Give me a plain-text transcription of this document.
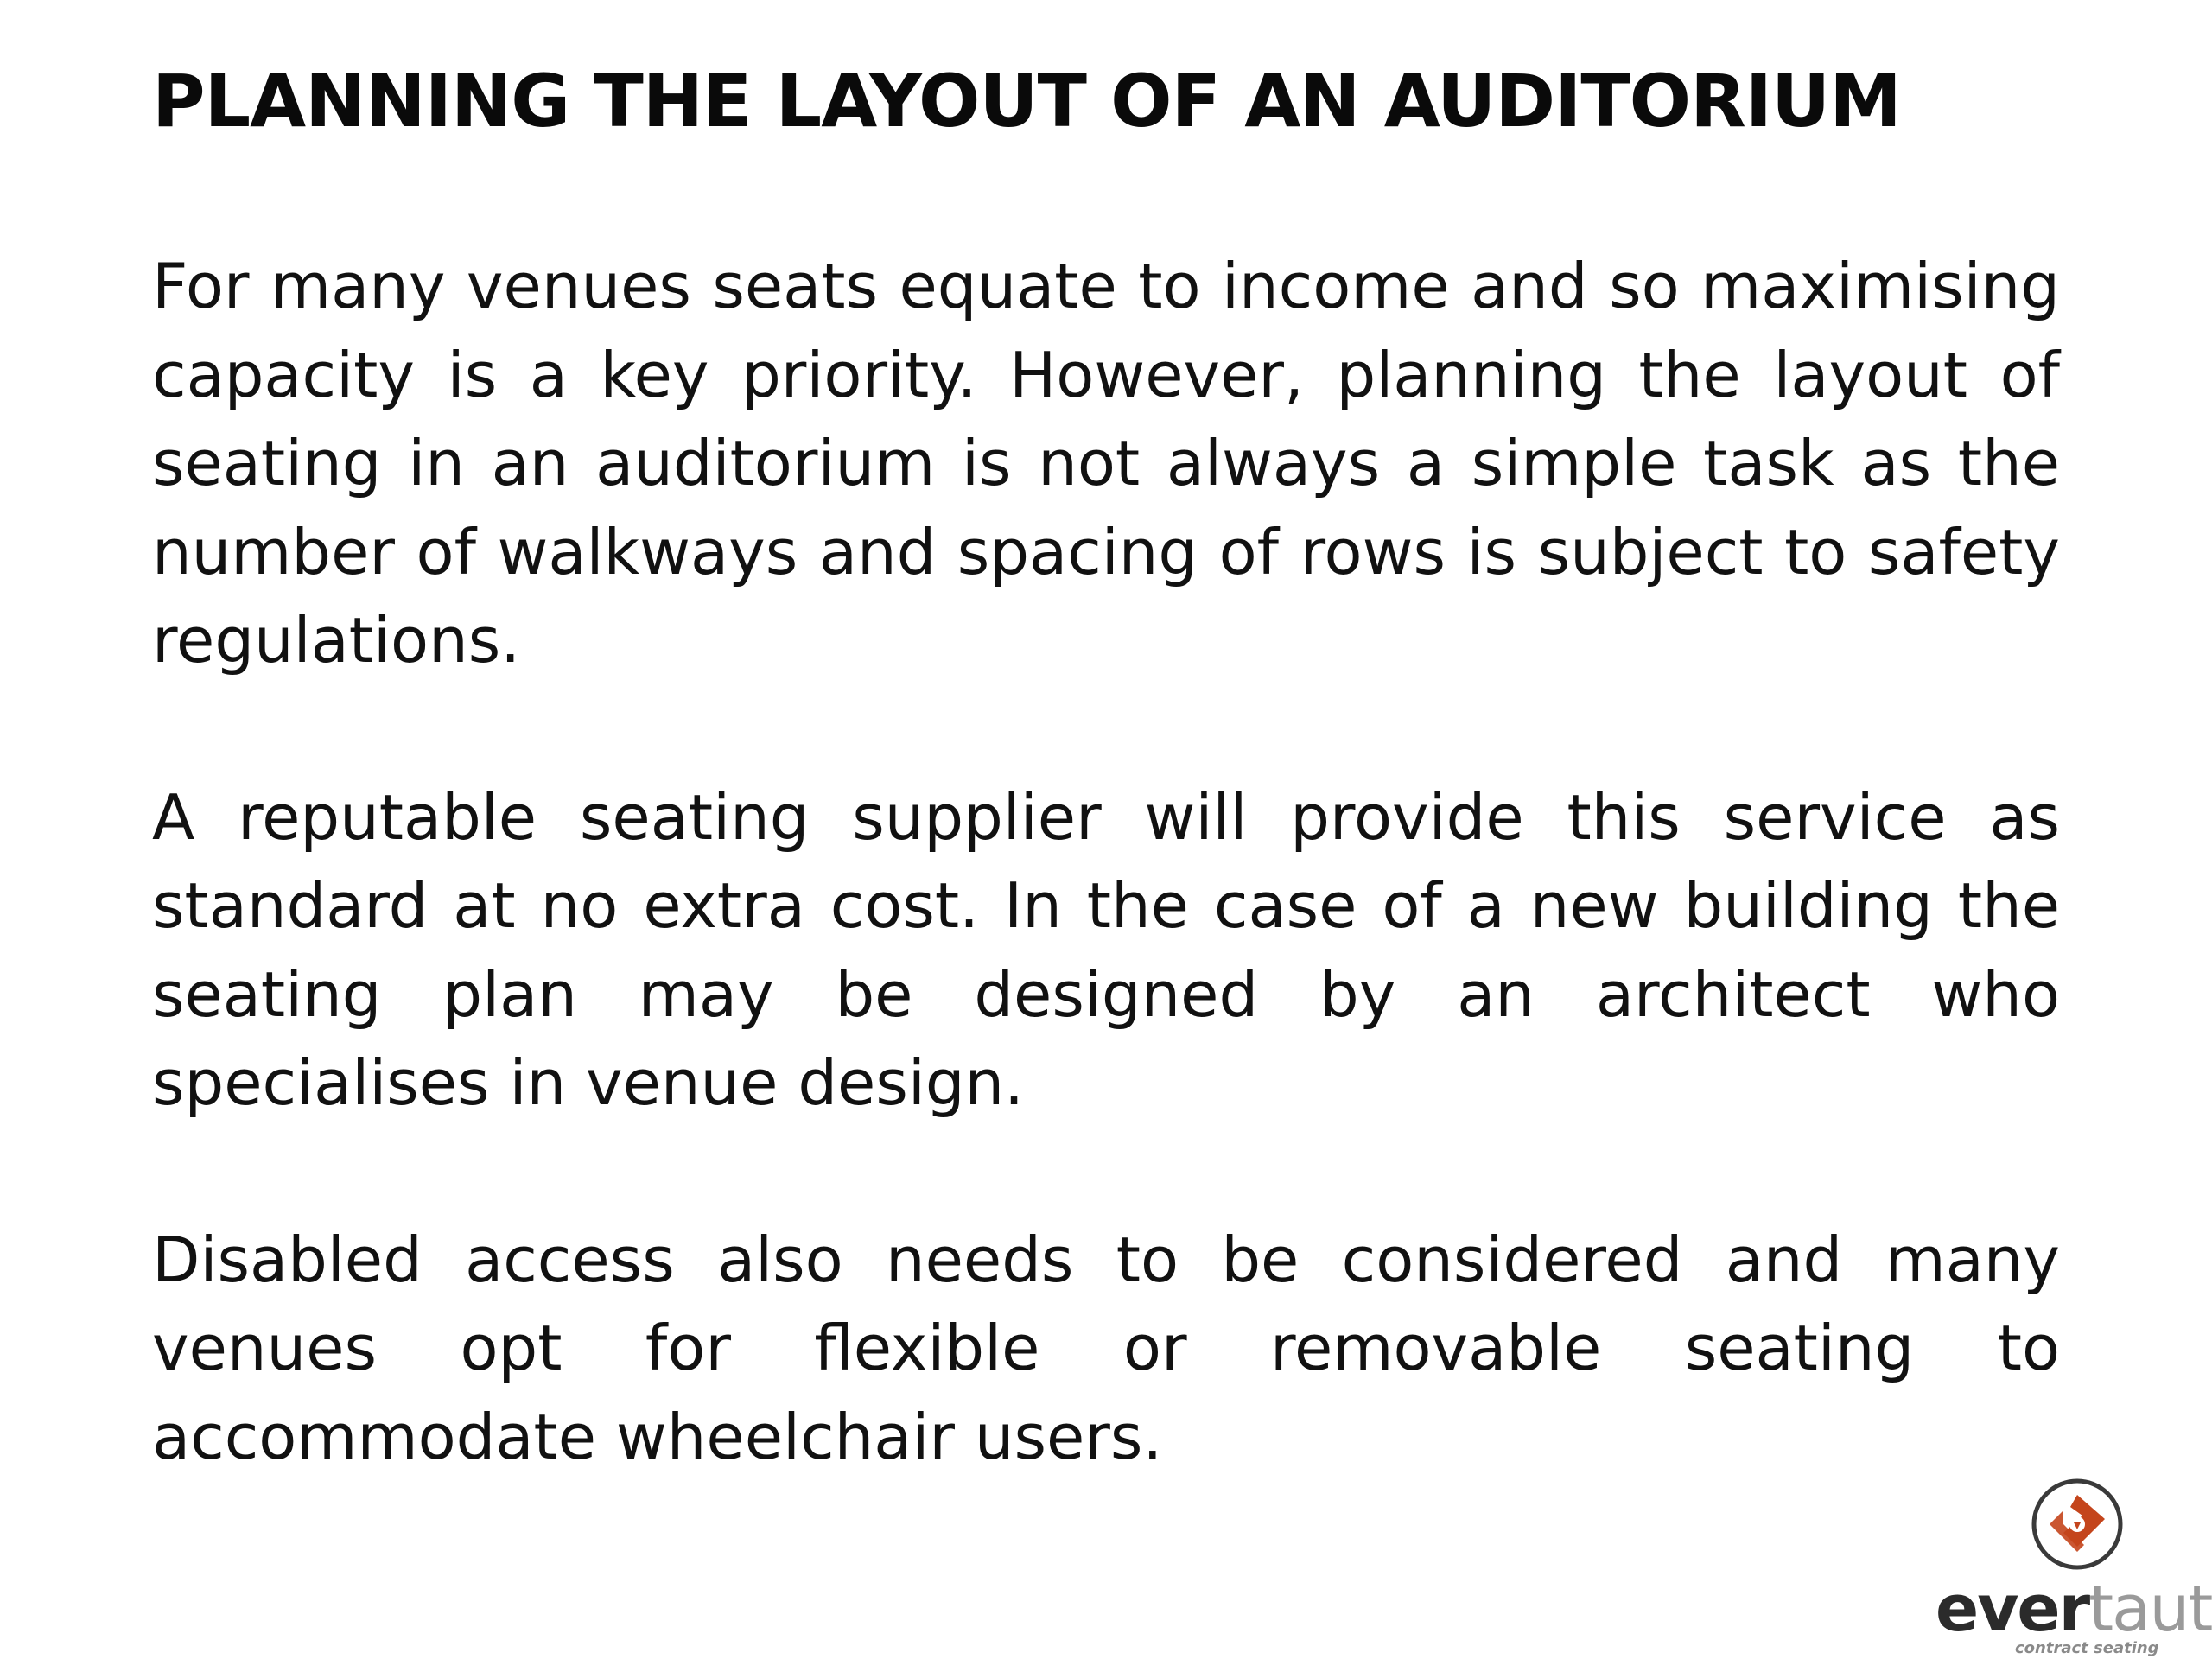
PLANNING THE LAYOUT OF AN AUDITORIUM

For many venues seats equate to income and so maximising capacity is a key priority. However, planning the layout of seating in an auditorium is not always a simple task as the number of walkways and spacing of rows is subject to safety regulations.

A reputable seating supplier will provide this service as standard at no extra cost. In the case of a new building the seating plan may be designed by an architect who specialises in venue design.

Disabled access also needs to be considered and many venues opt for flexible or removable seating to accommodate wheelchair users.

evertaut
contract seating
